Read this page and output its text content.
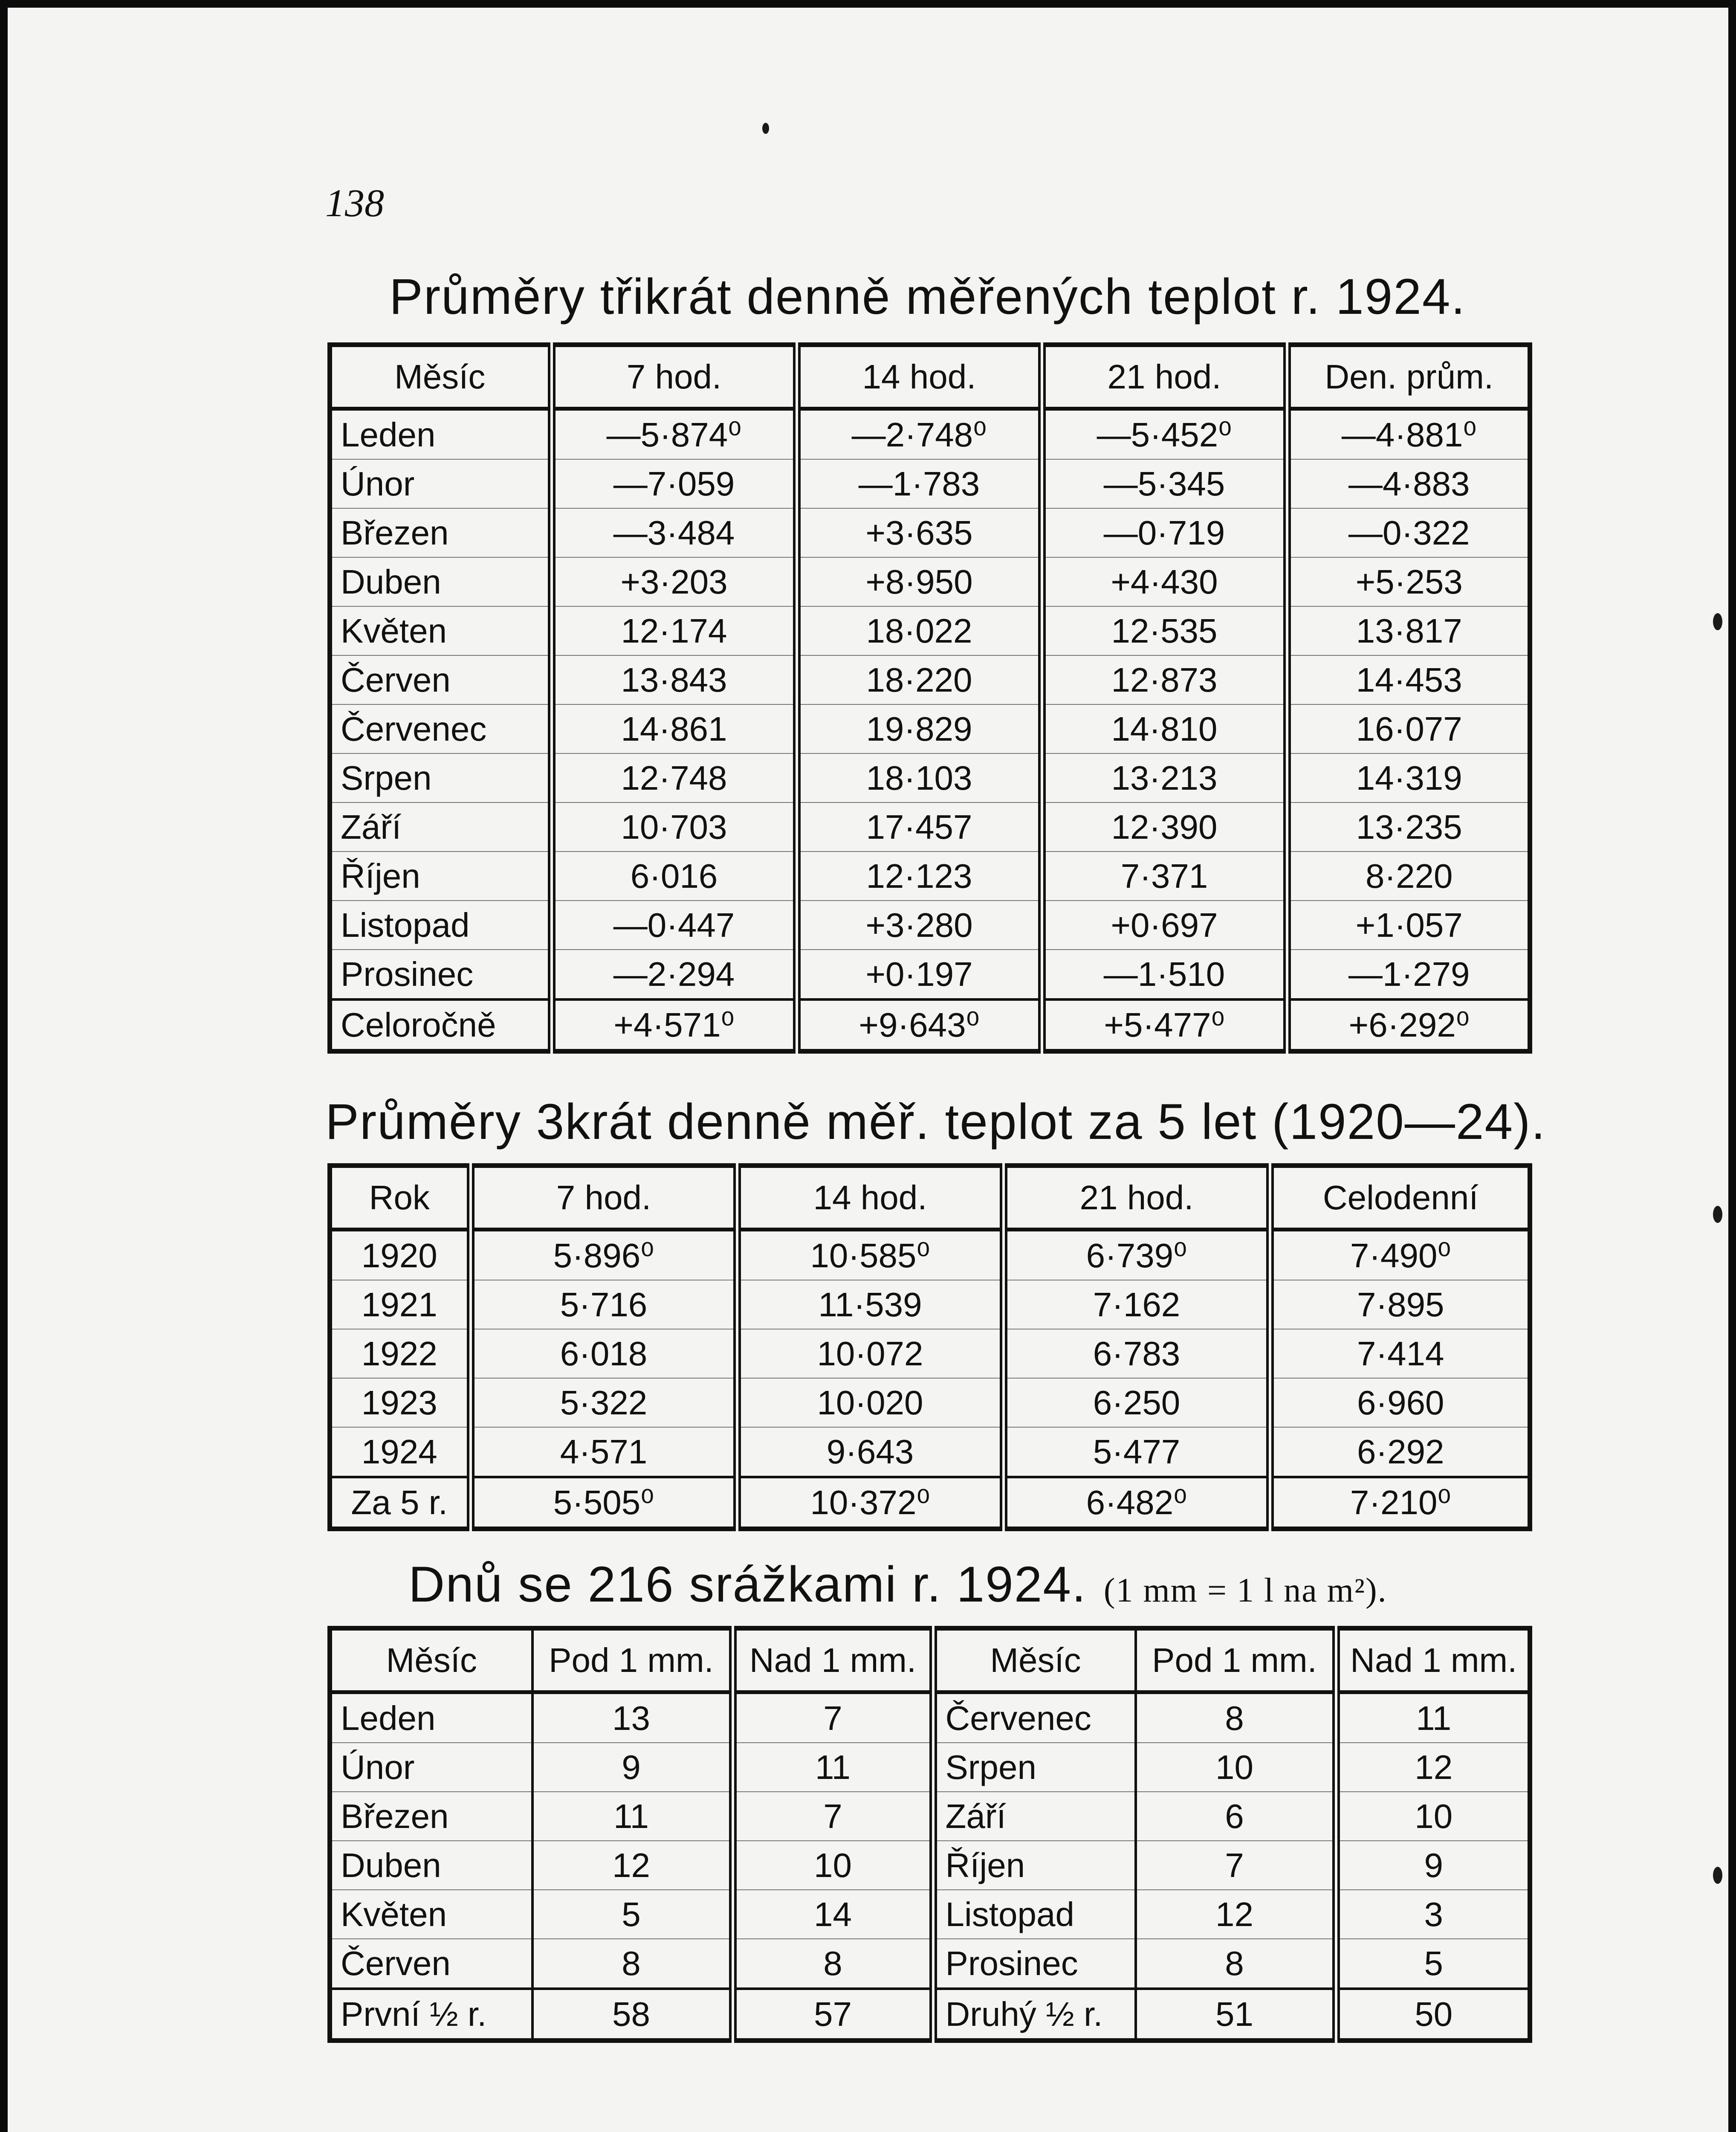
138
Průměry třikrát denně měřených teplot r. 1924.
Měsíc	7 hod.	14 hod.	21 hod.	Den. prům.
Leden	—5·874⁰	—2·748⁰	—5·452⁰	—4·881⁰
Únor	—7·059	—1·783	—5·345	—4·883
Březen	—3·484	+3·635	—0·719	—0·322
Duben	+3·203	+8·950	+4·430	+5·253
Květen	12·174	18·022	12·535	13·817
Červen	13·843	18·220	12·873	14·453
Červenec	14·861	19·829	14·810	16·077
Srpen	12·748	18·103	13·213	14·319
Září	10·703	17·457	12·390	13·235
Říjen	6·016	12·123	7·371	8·220
Listopad	—0·447	+3·280	+0·697	+1·057
Prosinec	—2·294	+0·197	—1·510	—1·279
Celoročně	+4·571⁰	+9·643⁰	+5·477⁰	+6·292⁰
Průměry 3krát denně měř. teplot za 5 let (1920—24).
Rok	7 hod.	14 hod.	21 hod.	Celodenní
1920	5·896⁰	10·585⁰	6·739⁰	7·490⁰
1921	5·716	11·539	7·162	7·895
1922	6·018	10·072	6·783	7·414
1923	5·322	10·020	6·250	6·960
1924	4·571	9·643	5·477	6·292
Za 5 r.	5·505⁰	10·372⁰	6·482⁰	7·210⁰
Dnů se 216 srážkami r. 1924. (1 mm = 1 l na m²).
Měsíc	Pod 1 mm.	Nad 1 mm.	Měsíc	Pod 1 mm.	Nad 1 mm.
Leden	13	7	Červenec	8	11
Únor	9	11	Srpen	10	12
Březen	11	7	Září	6	10
Duben	12	10	Říjen	7	9
Květen	5	14	Listopad	12	3
Červen	8	8	Prosinec	8	5
První ½ r.	58	57	Druhý ½ r.	51	50
